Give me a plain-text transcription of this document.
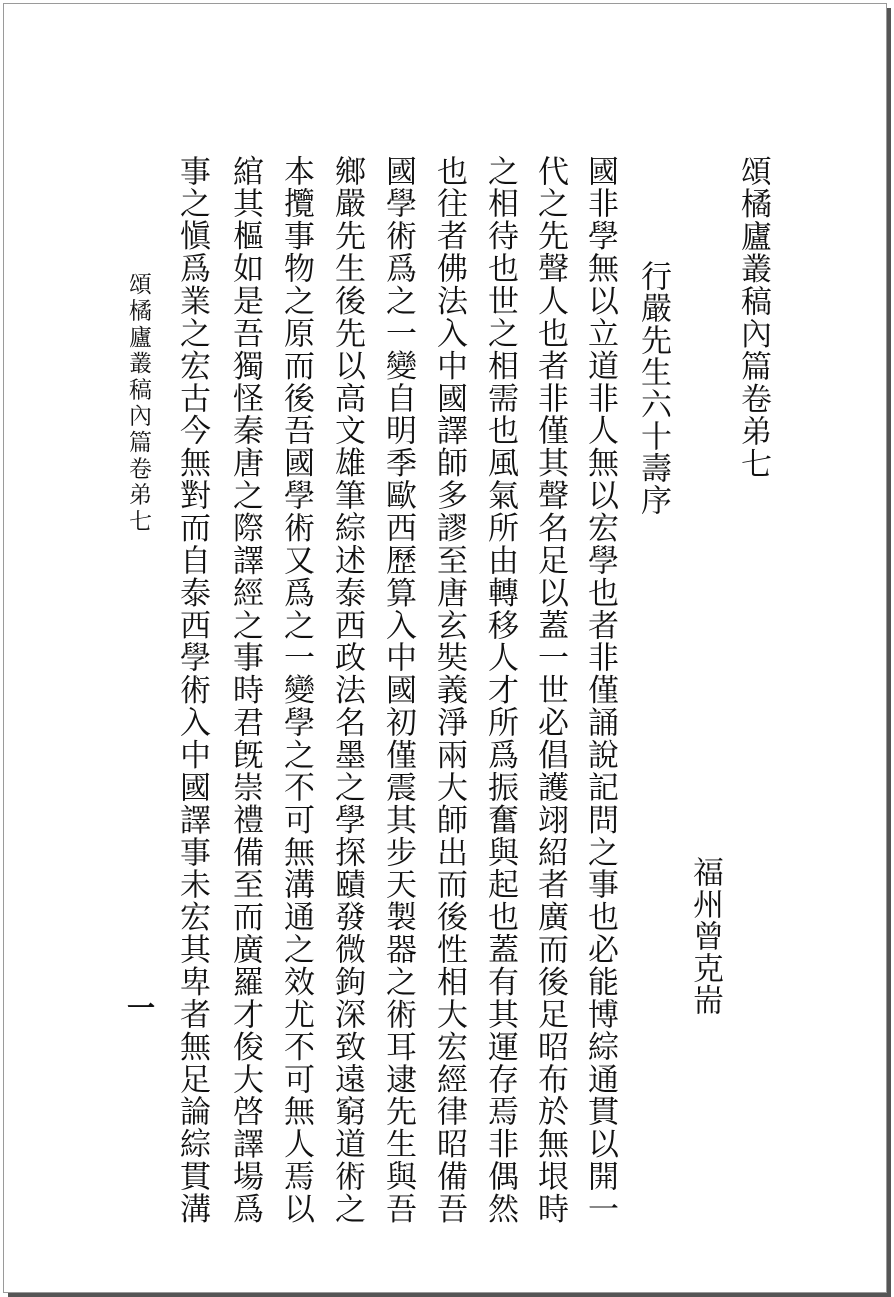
頌橘廬叢稿內篇卷弟七
福州曾克耑
行嚴先生六十壽序
國非學無以立道非人無以宏學也者非僅誦說記問之事也必能博綜通貫以開一
代之先聲人也者非僅其聲名足以蓋一世必倡護翊紹者廣而後足昭布於無垠時
之相待也世之相需也風氣所由轉移人才所爲振奮與起也蓋有其運存焉非偶然
也往者佛法入中國譯師多謬至唐玄奘義淨兩大師出而後性相大宏經律昭備吾
國學術爲之一變自明季歐西歷算入中國初僅震其步天製器之術耳逮先生與吾
鄉嚴先生後先以高文雄筆綜述泰西政法名墨之學探賾發微鉤深致遠窮道術之
本攬事物之原而後吾國學術又爲之一變學之不可無溝通之效尤不可無人焉以
綰其樞如是吾獨怪秦唐之際譯經之事時君旣崇禮備至而廣羅才俊大啓譯場爲
事之愼爲業之宏古今無對而自泰西學術入中國譯事未宏其卑者無足論綜貫溝
頌橘廬叢稿內篇卷弟七
一
